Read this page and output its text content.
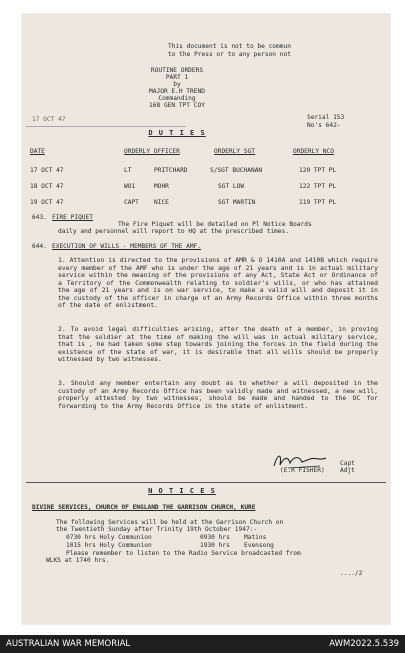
This document is not to be commun
to the Press or to any person not
ROUTINE ORDERS
PART 1
by
MAJOR E.H TREND
Commanding
168 GEN TPT COY
17 OCT 47	Serial 153
No's 642-
D U T I E S
DATE	ORDERLY OFFICER	ORDERLY SGT	ORDERLY NCO
17 OCT 47	LT	PRITCHARD	S/SGT BUCHANAN	120 TPT PL
18 OCT 47	WO1	MOHR	SGT LOW	122 TPT PL
19 OCT 47	CAPT NICE	SGT MARTIN	119 TPT PL
643. FIRE PIQUET
The Fire Piquet will be detailed on Pl Notice Boards
daily and personnel will report to HQ at the prescribed times.
644. EXECUTION OF WILLS - MEMBERS OF THE AMF.
1. Attention is directed to the provisions of AMR & O 1410A and 1410B which require every member of the AMF who is under the age of 21 years and is in actual military service within the meaning of the provisions of any Act, State Act or Ordinance of a Territory of the Commonwealth relating to soldier's wills, or who has attained the age of 21 years and is on war service, to make a valid will and deposit it in the custody of the officer in charge of an Army Records Office within three months of the date of enlistment.
2. To avoid legal difficulties arising, after the death of a member, in proving that the soldier at the time of making the will was in actual military service, that is , he had taken some step towards joining the forces in the field during the existence of the state of war, it is desirable that all wills should be properly witnessed by two witnesses.
3. Should any member entertain any doubt as to whether a will deposited in the custody of an Army Records Office has been validly made and witnessed, a new will, properly attested by two witnesses, should be made and handed to the OC for forwarding to the Army Records Office in the state of enlistment.
Capt
(E.R FISHER) Adjt
N O T I C E S
DIVINE SERVICES, CHURCH OF ENGLAND THE GARRISON CHURCH, KURE
The following Services will be held at the Garrison Church on
the Twentieth Sunday after Trinity 19th October 1947:-
0730 hrs Holy Communion	0930 hrs Matins
1015 hrs Holy Communion	1930 hrs Evensong
Please remember to listen to the Radio Service broadcasted from
WLKS at 1740 hrs.
..../2
AUSTRALIAN WAR MEMORIAL	AWM2022.5.539
